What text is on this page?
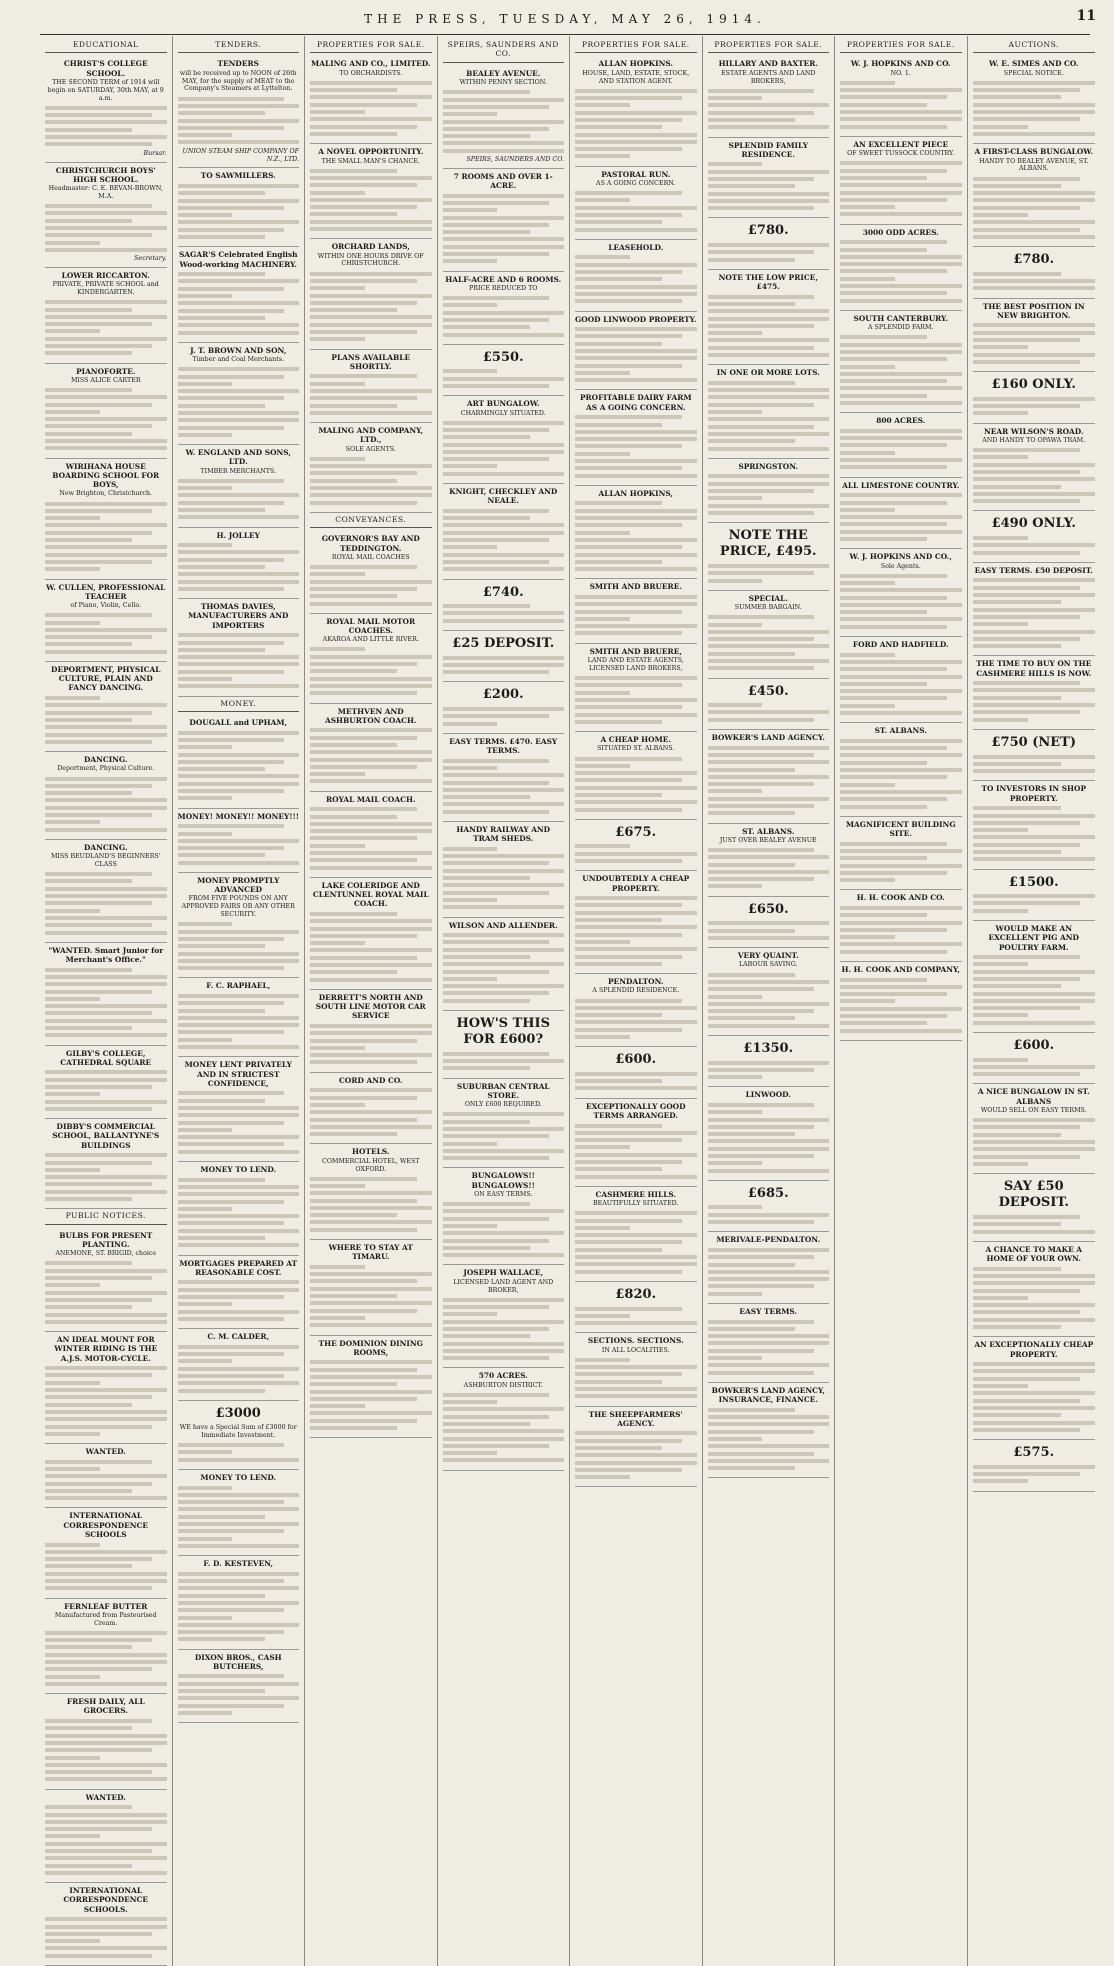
THE PRESS, TUESDAY, MAY 26, 1914.	11
EDUCATIONAL
CHRIST'S COLLEGE SCHOOL.

THE SECOND TERM of 1914 will begin on SATURDAY, 30th MAY, at 9 a.m.

Bursar.
CHRISTCHURCH BOYS' HIGH SCHOOL.

Headmaster: C. E. BEVAN-BROWN, M.A.

Secretary.
LOWER RICCARTON.

PRIVATE, PRIVATE SCHOOL and KINDERGARTEN.

PIANOFORTE.

MISS ALICE CARTER

WIRIHANA HOUSE BOARDING SCHOOL FOR BOYS,

New Brighton, Christchurch.

W. CULLEN, PROFESSIONAL TEACHER

of Piano, Violin, Cello.

DEPORTMENT, PHYSICAL CULTURE, PLAIN AND FANCY DANCING.
DANCING.

Deportment, Physical Culture.

DANCING.

MISS BEUDLAND'S BEGINNERS' CLASS

"WANTED. Smart Junior for Merchant's Office."
GILBY'S COLLEGE, CATHEDRAL SQUARE
DIBBY'S COMMERCIAL SCHOOL, BALLANTYNE'S BUILDINGS
PUBLIC NOTICES.
BULBS FOR PRESENT PLANTING.

ANEMONE, ST. BRIGID, choice

AN IDEAL MOUNT FOR WINTER RIDING IS THE A.J.S. MOTOR-CYCLE.
WANTED.
INTERNATIONAL CORRESPONDENCE SCHOOLS
FERNLEAF BUTTER

Manufactured from Pasteurised Cream.

FRESH DAILY, ALL GROCERS.
WANTED.
INTERNATIONAL CORRESPONDENCE SCHOOLS.
TENDERS.
TENDERS

will be received up to NOON of 26th MAY, for the supply of MEAT to the Company's Steamers at Lyttelton.

UNION STEAM SHIP COMPANY OF N.Z., LTD.
TO SAWMILLERS.
SAGAR'S Celebrated English Wood-working MACHINERY.
J. T. BROWN AND SON,

Timber and Coal Merchants.

W. ENGLAND AND SONS, LTD.

TIMBER MERCHANTS.

H. JOLLEY
THOMAS DAVIES, MANUFACTURERS AND IMPORTERS
MONEY.
DOUGALL and UPHAM,
MONEY! MONEY!! MONEY!!!
MONEY PROMPTLY ADVANCED

FROM FIVE POUNDS ON ANY APPROVED FAIRS OR ANY OTHER SECURITY.

F. C. RAPHAEL,
MONEY LENT PRIVATELY AND IN STRICTEST CONFIDENCE,
MONEY TO LEND.
MORTGAGES PREPARED AT REASONABLE COST.
C. M. CALDER,
£3000

WE have a Special Sum of £3000 for Immediate Investment.

MONEY TO LEND.
F. D. KESTEVEN,
DIXON BROS., CASH BUTCHERS,
PROPERTIES FOR SALE.
MALING AND CO., LIMITED.

TO ORCHARDISTS.

A NOVEL OPPORTUNITY.

THE SMALL MAN'S CHANCE.

ORCHARD LANDS,

WITHIN ONE HOURS DRIVE OF CHRISTCHURCH.

PLANS AVAILABLE SHORTLY.
MALING AND COMPANY, LTD.,

SOLE AGENTS.

CONVEYANCES.
GOVERNOR'S BAY AND TEDDINGTON.

ROYAL MAIL COACHES

ROYAL MAIL MOTOR COACHES.

AKAROA AND LITTLE RIVER.

METHVEN AND ASHBURTON COACH.
ROYAL MAIL COACH.
LAKE COLERIDGE AND CLENTUNNEL ROYAL MAIL COACH.
DERRETT'S NORTH AND SOUTH LINE MOTOR CAR SERVICE
CORD AND CO.
HOTELS.

COMMERCIAL HOTEL, WEST OXFORD.

WHERE TO STAY AT TIMARU.
THE DOMINION DINING ROOMS,
SPEIRS, SAUNDERS AND CO.
BEALEY AVENUE.

WITHIN PENNY SECTION.

SPEIRS, SAUNDERS AND CO.
7 ROOMS AND OVER 1-ACRE.
HALF-ACRE AND 6 ROOMS.

PRICE REDUCED TO

£550.
ART BUNGALOW.

CHARMINGLY SITUATED.

KNIGHT, CHECKLEY AND NEALE.
£740.
£25 DEPOSIT.
£200.
EASY TERMS. £470. EASY TERMS.
HANDY RAILWAY AND TRAM SHEDS.
WILSON AND ALLENDER.
HOW'S THIS FOR £600?
SUBURBAN CENTRAL STORE.

ONLY £600 REQUIRED.

BUNGALOWS!! BUNGALOWS!!

ON EASY TERMS.

JOSEPH WALLACE,

LICENSED LAND AGENT AND BROKER,

570 ACRES.

ASHBURTON DISTRICT.

PROPERTIES FOR SALE.
ALLAN HOPKINS.

HOUSE, LAND, ESTATE, STOCK, AND STATION AGENT.

PASTORAL RUN.

AS A GOING CONCERN.

LEASEHOLD.
GOOD LINWOOD PROPERTY.
PROFITABLE DAIRY FARM AS A GOING CONCERN.
ALLAN HOPKINS,
SMITH AND BRUERE.
SMITH AND BRUERE,

LAND AND ESTATE AGENTS, LICENSED LAND BROKERS,

A CHEAP HOME.

SITUATED ST. ALBANS.

£675.
UNDOUBTEDLY A CHEAP PROPERTY.
PENDALTON.

A SPLENDID RESIDENCE.

£600.
EXCEPTIONALLY GOOD TERMS ARRANGED.
CASHMERE HILLS.

BEAUTIFULLY SITUATED.

£820.
SECTIONS. SECTIONS.

IN ALL LOCALITIES.

THE SHEEPFARMERS' AGENCY.
PROPERTIES FOR SALE.
HILLARY AND BAXTER.

ESTATE AGENTS AND LAND BROKERS,

SPLENDID FAMILY RESIDENCE.
£780.
NOTE THE LOW PRICE, £475.
IN ONE OR MORE LOTS.
SPRINGSTON.
NOTE THE PRICE, £495.
SPECIAL.

SUMMER BARGAIN.

£450.
BOWKER'S LAND AGENCY.
ST. ALBANS.

JUST OVER BEALEY AVENUE

£650.
VERY QUAINT.

LABOUR SAVING.

£1350.
LINWOOD.
£685.
MERIVALE-PENDALTON.
EASY TERMS.
BOWKER'S LAND AGENCY, INSURANCE, FINANCE.
PROPERTIES FOR SALE.
W. J. HOPKINS AND CO.

NO. 1.

AN EXCELLENT PIECE

OF SWEET TUSSOCK COUNTRY.

3000 ODD ACRES.
SOUTH CANTERBURY.

A SPLENDID FARM.

800 ACRES.
ALL LIMESTONE COUNTRY.
W. J. HOPKINS AND CO.,

Sole Agents.

FORD AND HADFIELD.
ST. ALBANS.
MAGNIFICENT BUILDING SITE.
H. H. COOK AND CO.
H. H. COOK AND COMPANY,
AUCTIONS.
W. E. SIMES AND CO.

SPECIAL NOTICE.

A FIRST-CLASS BUNGALOW.

HANDY TO BEALEY AVENUE, ST. ALBANS.

£780.
THE BEST POSITION IN NEW BRIGHTON.
£160 ONLY.
NEAR WILSON'S ROAD.

AND HANDY TO OPAWA TRAM.

£490 ONLY.
EASY TERMS. £50 DEPOSIT.
THE TIME TO BUY ON THE CASHMERE HILLS IS NOW.
£750 (NET)
TO INVESTORS IN SHOP PROPERTY.
£1500.
WOULD MAKE AN EXCELLENT PIG AND POULTRY FARM.
£600.
A NICE BUNGALOW IN ST. ALBANS

WOULD SELL ON EASY TERMS.

SAY £50 DEPOSIT.
A CHANCE TO MAKE A HOME OF YOUR OWN.
AN EXCEPTIONALLY CHEAP PROPERTY.
£575.
